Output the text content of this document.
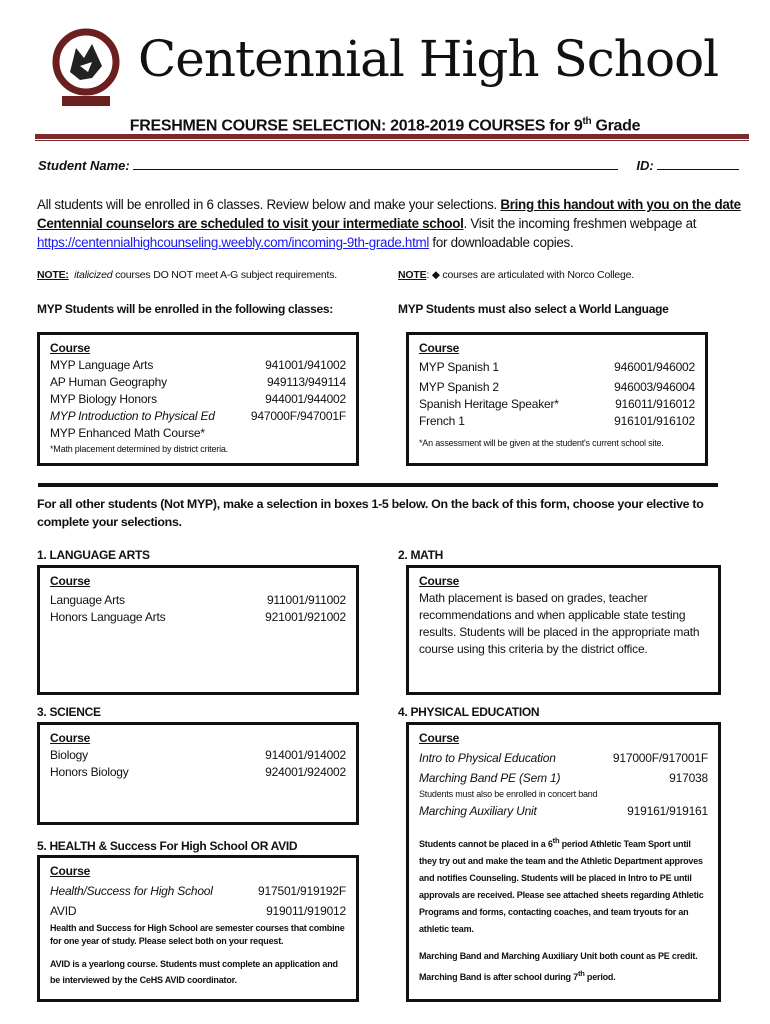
Centennial High School
FRESHMEN COURSE SELECTION: 2018-2019 COURSES for 9th Grade
Student Name:	ID:
All students will be enrolled in 6 classes. Review below and make your selections. Bring this handout with you on the date Centennial counselors are scheduled to visit your intermediate school. Visit the incoming freshmen webpage at https://centennialhighcounseling.weebly.com/incoming-9th-grade.html for downloadable copies.
NOTE: italicized courses DO NOT meet A-G subject requirements.	NOTE: ◆ courses are articulated with Norco College.
MYP Students will be enrolled in the following classes:	MYP Students must also select a World Language
Course
MYP Language Arts	941001/941002
AP Human Geography	949113/949114
MYP Biology Honors	944001/944002
MYP Introduction to Physical Ed	947000F/947001F
MYP Enhanced Math Course*
*Math placement determined by district criteria.
Course
MYP Spanish 1	946001/946002
MYP Spanish 2	946003/946004
Spanish Heritage Speaker*	916011/916012
French 1	916101/916102
*An assessment will be given at the student's current school site.
For all other students (Not MYP), make a selection in boxes 1-5 below. On the back of this form, choose your elective to complete your selections.
1. LANGUAGE ARTS
Course
Language Arts	911001/911002
Honors Language Arts	921001/921002
2. MATH
Course
Math placement is based on grades, teacher recommendations and when applicable state testing results. Students will be placed in the appropriate math course using this criteria by the district office.
3. SCIENCE
Course
Biology	914001/914002
Honors Biology	924001/924002
4. PHYSICAL EDUCATION
Course
Intro to Physical Education	917000F/917001F
Marching Band PE (Sem 1)	917038
Students must also be enrolled in concert band
Marching Auxiliary Unit	919161/919161
Students cannot be placed in a 6th period Athletic Team Sport until they try out and make the team and the Athletic Department approves and notifies Counseling. Students will be placed in Intro to PE until approvals are received. Please see attached sheets regarding Athletic Programs and forms, contacting coaches, and team tryouts for an athletic team.
Marching Band and Marching Auxiliary Unit both count as PE credit. Marching Band is after school during 7th period.
5. HEALTH & Success For High School OR AVID
Course
Health/Success for High School	917501/919192F
AVID	919011/919012
Health and Success for High School are semester courses that combine for one year of study. Please select both on your request.
AVID is a yearlong course. Students must complete an application and be interviewed by the CeHS AVID coordinator.
